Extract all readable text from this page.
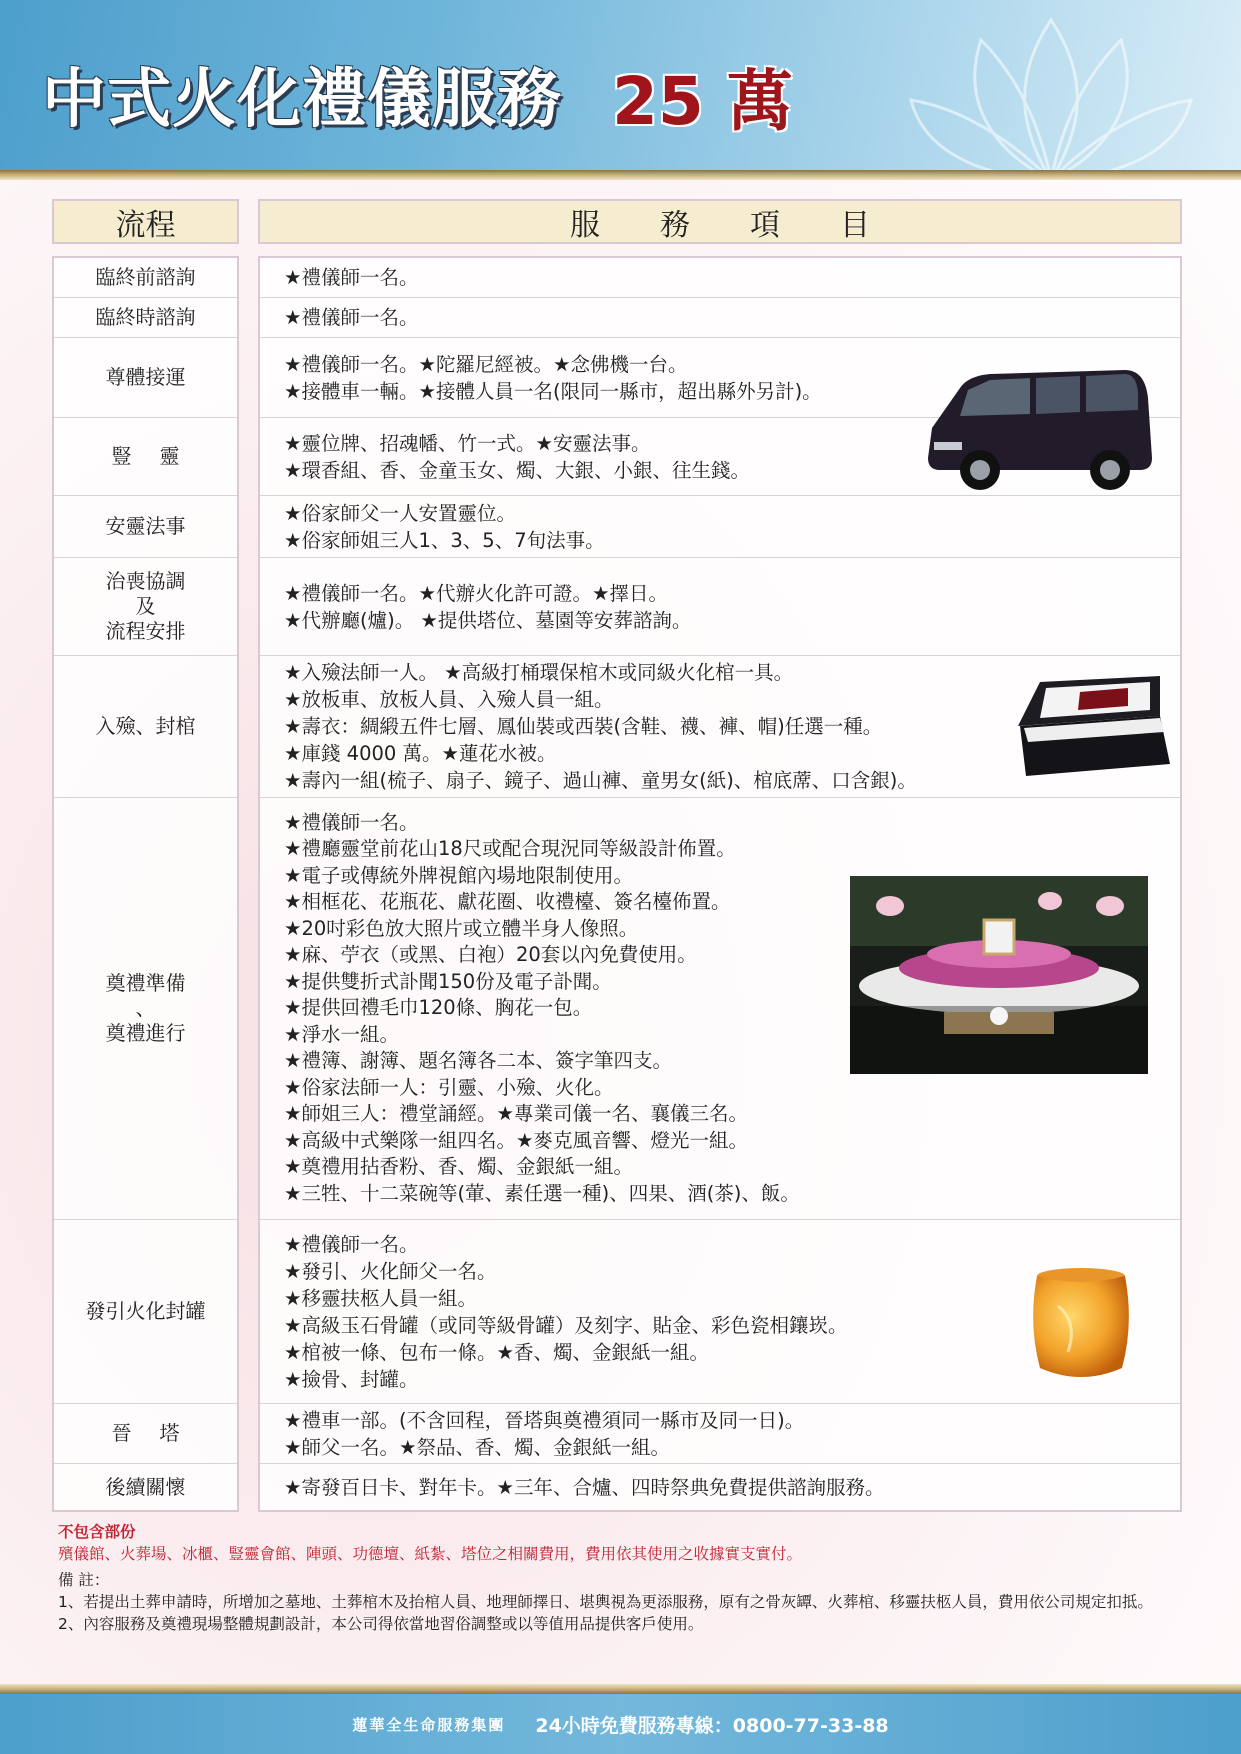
中式火化禮儀服務 25 萬
流程	服務項目
臨終前諮詢
臨終時諮詢
尊體接運
豎靈
安靈法事
治喪協調
及
流程安排
入殮、封棺
奠禮準備
、
奠禮進行
發引火化封罐
晉塔
後續關懷
★禮儀師一名。
★禮儀師一名。
★禮儀師一名。★陀羅尼經被。★念佛機一台。
★接體車一輛。★接體人員一名(限同一縣市，超出縣外另計)。
★靈位牌、招魂幡、竹一式。★安靈法事。
★環香組、香、金童玉女、燭、大銀、小銀、往生錢。
★俗家師父一人安置靈位。
★俗家師姐三人1、3、5、7旬法事。
★禮儀師一名。★代辦火化許可證。★擇日。
★代辦廳(爐)。 ★提供塔位、墓園等安葬諮詢。
★入殮法師一人。 ★高級打桶環保棺木或同級火化棺一具。
★放板車、放板人員、入殮人員一組。
★壽衣：綢緞五件七層、鳳仙裝或西裝(含鞋、襪、褲、帽)任選一種。
★庫錢 4000 萬。★蓮花水被。
★壽內一組(梳子、扇子、鏡子、過山褲、童男女(紙)、棺底蓆、口含銀)。
★禮儀師一名。
★禮廳靈堂前花山18尺或配合現況同等級設計佈置。
★電子或傳統外牌視館內場地限制使用。
★相框花、花瓶花、獻花圈、收禮檯、簽名檯佈置。
★20吋彩色放大照片或立體半身人像照。
★麻、苧衣（或黑、白袍）20套以內免費使用。
★提供雙折式訃聞150份及電子訃聞。
★提供回禮毛巾120條、胸花一包。
★淨水一組。
★禮簿、謝簿、題名簿各二本、簽字筆四支。
★俗家法師一人：引靈、小殮、火化。
★師姐三人：禮堂誦經。★專業司儀一名、襄儀三名。
★高級中式樂隊一組四名。★麥克風音響、燈光一組。
★奠禮用拈香粉、香、燭、金銀紙一組。
★三牲、十二菜碗等(葷、素任選一種)、四果、酒(茶)、飯。
★禮儀師一名。
★發引、火化師父一名。
★移靈扶柩人員一組。
★高級玉石骨罐（或同等級骨罐）及刻字、貼金、彩色瓷相鑲崁。
★棺被一條、包布一條。★香、燭、金銀紙一組。
★撿骨、封罐。
★禮車一部。(不含回程，晉塔與奠禮須同一縣市及同一日)。
★師父一名。★祭品、香、燭、金銀紙一組。
★寄發百日卡、對年卡。★三年、合爐、四時祭典免費提供諮詢服務。
不包含部份
殯儀館、火葬場、冰櫃、豎靈會館、陣頭、功德壇、紙紮、塔位之相關費用，費用依其使用之收據實支實付。
備 註：
1、若提出土葬申請時，所增加之墓地、土葬棺木及抬棺人員、地理師擇日、堪輿視為更添服務，原有之骨灰罈、火葬棺、移靈扶柩人員，費用依公司規定扣抵。
2、內容服務及奠禮現場整體規劃設計，本公司得依當地習俗調整或以等值用品提供客戶使用。
蓮華全生命服務集團 24小時免費服務專線：0800-77-33-88
